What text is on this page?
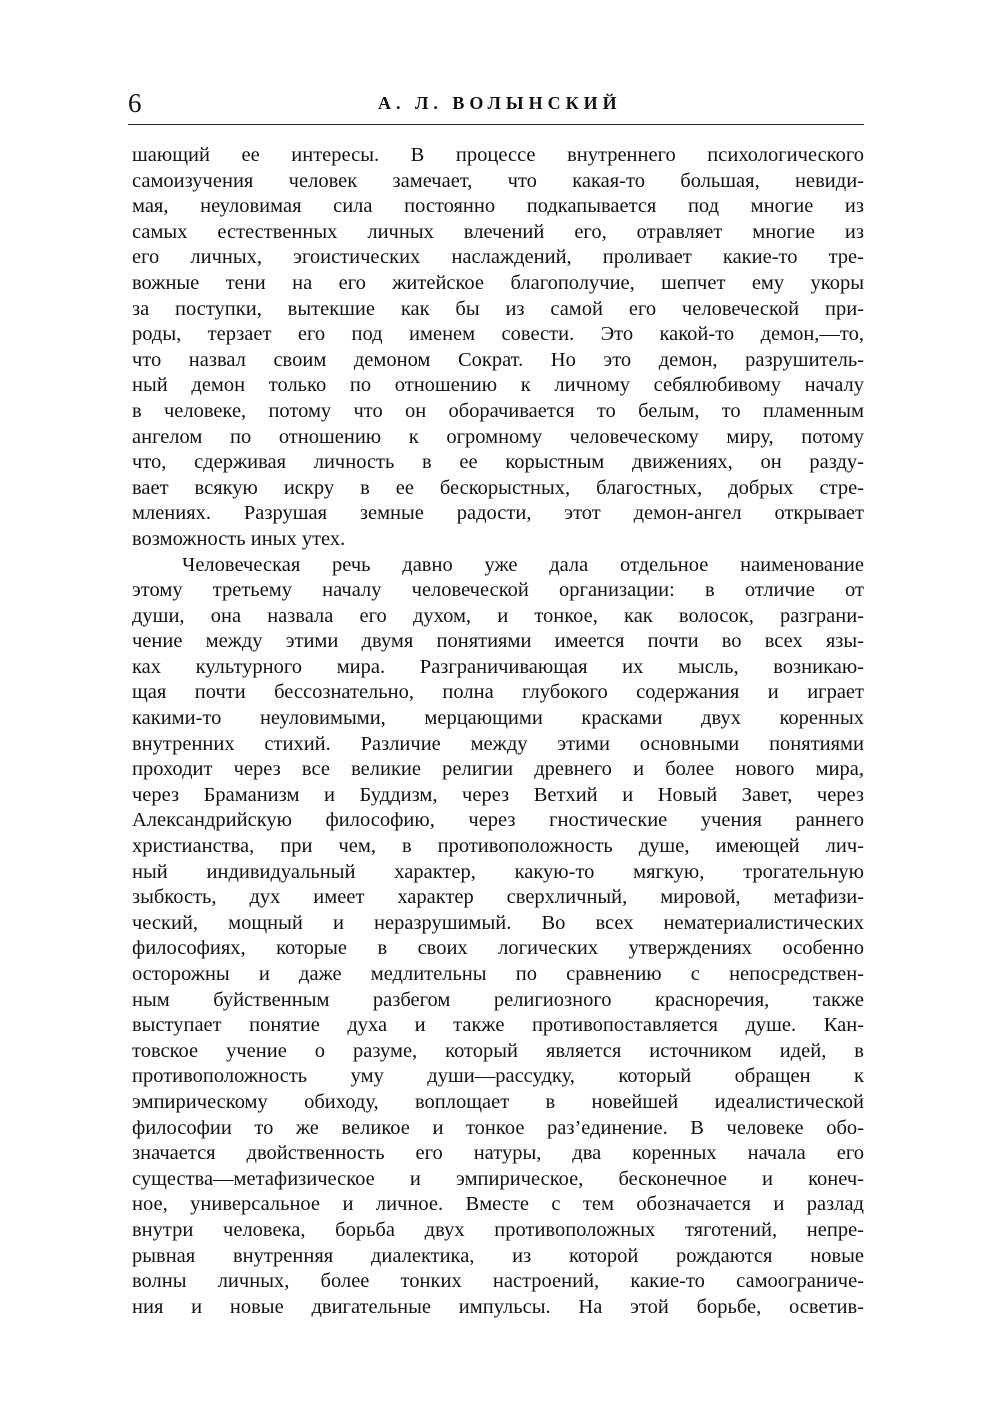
6	А. Л. ВОЛЫНСКИЙ
шающий ее интересы. В процессе внутреннего психологического
самоизучения человек замечает, что какая-то большая, невиди-
мая, неуловимая сила постоянно подкапывается под многие из
самых естественных личных влечений его, отравляет многие из
его личных, эгоистических наслаждений, проливает какие-то тре-
вожные тени на его житейское благополучие, шепчет ему укоры
за поступки, вытекшие как бы из самой его человеческой при-
роды, терзает его под именем совести. Это какой-то демон,—то,
что назвал своим демоном Сократ. Но это демон, разрушитель-
ный демон только по отношению к личному себялюбивому началу
в человеке, потому что он оборачивается то белым, то пламенным
ангелом по отношению к огромному человеческому миру, потому
что, сдерживая личность в ее корыстным движениях, он разду-
вает всякую искру в ее бескорыстных, благостных, добрых стре-
млениях. Разрушая земные радости, этот демон-ангел открывает
возможность иных утех.
Человеческая речь давно уже дала отдельное наименование
этому третьему началу человеческой организации: в отличие от
души, она назвала его духом, и тонкое, как волосок, разграни-
чение между этими двумя понятиями имеется почти во всех язы-
ках культурного мира. Разграничивающая их мысль, возникаю-
щая почти бессознательно, полна глубокого содержания и играет
какими-то неуловимыми, мерцающими красками двух коренных
внутренних стихий. Различие между этими основными понятиями
проходит через все великие религии древнего и более нового мира,
через Браманизм и Буддизм, через Ветхий и Новый Завет, через
Александрийскую философию, через гностические учения раннего
христианства, при чем, в противоположность душе, имеющей лич-
ный индивидуальный характер, какую-то мягкую, трогательную
зыбкость, дух имеет характер сверхличный, мировой, метафизи-
ческий, мощный и неразрушимый. Во всех нематериалистических
философиях, которые в своих логических утверждениях особенно
осторожны и даже медлительны по сравнению с непосредствен-
ным буйственным разбегом религиозного красноречия, также
выступает понятие духа и также противопоставляется душе. Кан-
товское учение о разуме, который является источником идей, в
противоположность уму души—рассудку, который обращен к
эмпирическому обиходу, воплощает в новейшей идеалистической
философии то же великое и тонкое раз’единение. В человеке обо-
значается двойственность его натуры, два коренных начала его
существа—метафизическое и эмпирическое, бесконечное и конеч-
ное, универсальное и личное. Вместе с тем обозначается и разлад
внутри человека, борьба двух противоположных тяготений, непре-
рывная внутренняя диалектика, из которой рождаются новые
волны личных, более тонких настроений, какие-то самоограниче-
ния и новые двигательные импульсы. На этой борьбе, осветив-
